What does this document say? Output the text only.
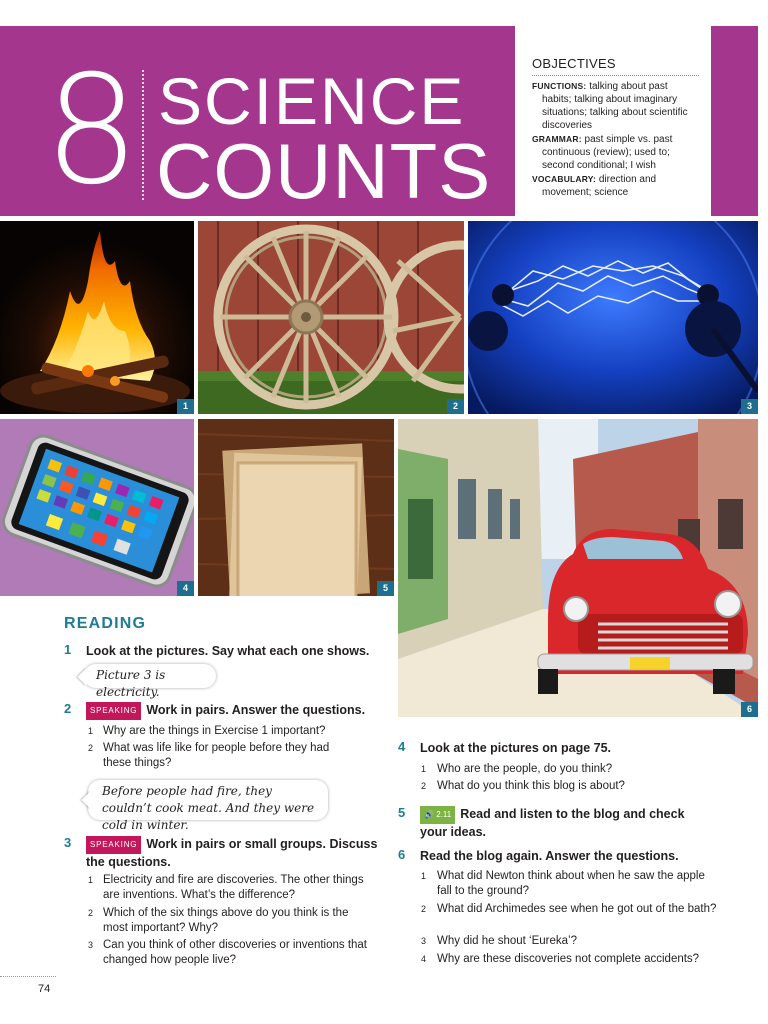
8 SCIENCE
COUNTS
OBJECTIVES
FUNCTIONS: talking about past habits; talking about imaginary situations; talking about scientific discoveries
GRAMMAR: past simple vs. past continuous (review); used to; second conditional; I wish
VOCABULARY: direction and movement; science
1	2	3
4	5
6
READING
1 Look at the pictures. Say what each one shows.
Picture 3 is electricity.
2	SPEAKING Work in pairs. Answer the questions.
1 Why are the things in Exercise 1 important?
2 What was life like for people before they had these things?
Before people had fire, they couldn’t cook meat. And they were cold in winter.
3	SPEAKING Work in pairs or small groups. Discuss
the questions.
1 Electricity and fire are discoveries. The other things are inventions. What’s the difference?
2 Which of the six things above do you think is the most important? Why?
3 Can you think of other discoveries or inventions that changed how people live?
4 Look at the pictures on page 75.
1 Who are the people, do you think?
2 What do you think this blog is about?
5	🔊 2.11 Read and listen to the blog and check
your ideas.
6 Read the blog again. Answer the questions.
1 What did Newton think about when he saw the apple fall to the ground?
2 What did Archimedes see when he got out of the bath?
3 Why did he shout ‘Eureka’?
4 Why are these discoveries not complete accidents?
74
